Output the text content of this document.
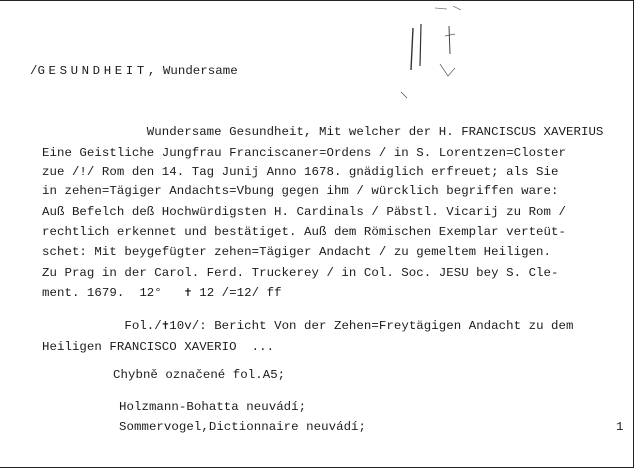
/GESUNDHEIT, Wundersame
Wundersame Gesundheit, Mit welcher der H. FRANCISCUS XAVERIUS
Eine Geistliche Jungfrau Franciscaner=Ordens / in S. Lorentzen=Closter
zue /!/ Rom den 14. Tag Junij Anno 1678. gnädiglich erfreuet; als Sie
in zehen=Tägiger Andachts=Vbung gegen ihm / würcklich begriffen ware:
Auß Befelch deß Hochwürdigsten H. Cardinals / Päbstl. Vicarij zu Rom /
rechtlich erkennet und bestätiget. Auß dem Römischen Exemplar verteüt-
schet: Mit beygefügter zehen=Tägiger Andacht / zu gemeltem Heiligen.
Zu Prag in der Carol. Ferd. Truckerey / in Col. Soc. JESU bey S. Cle-
ment. 1679.  12°   ✝ 12 /=12/ ff
Fol./✝10v/: Bericht Von der Zehen=Freytägigen Andacht zu dem
Heiligen FRANCISCO XAVERIO  ...
Chybně označené fol.A5;
Holzmann-Bohatta neuvádí;
Sommervogel,Dictionnaire neuvádí;	1
